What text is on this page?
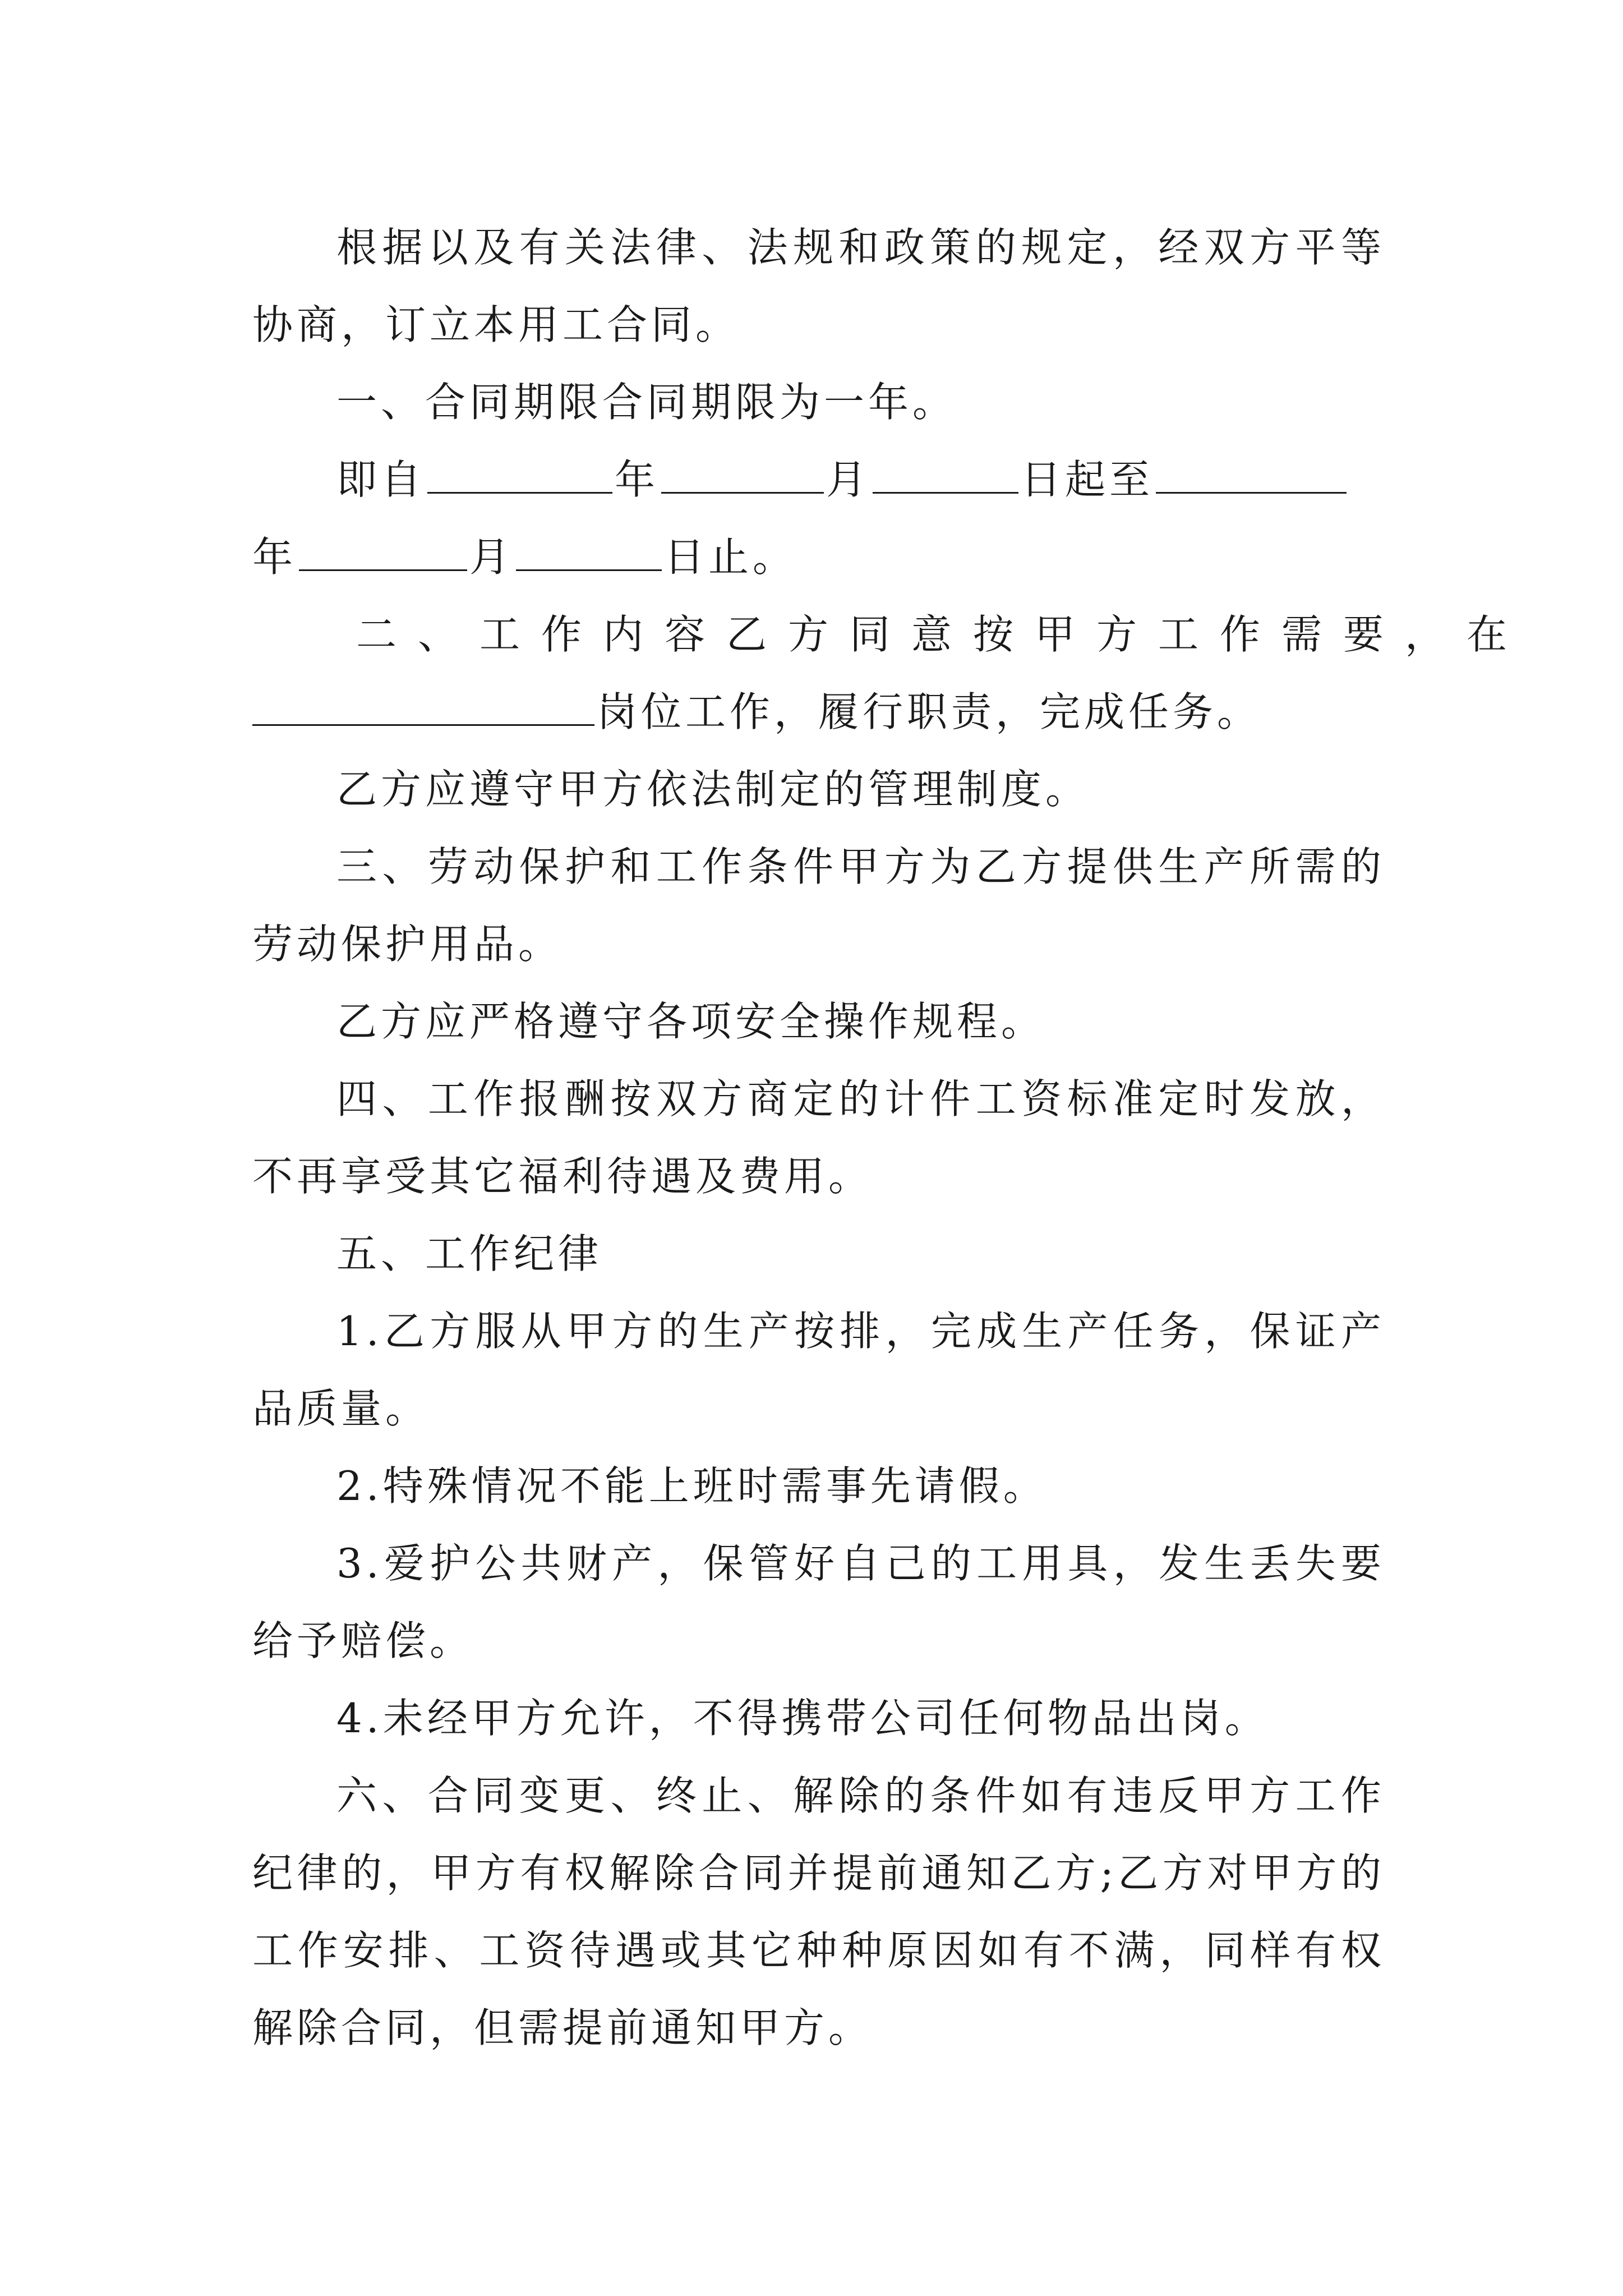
根据以及有关法律、法规和政策的规定，经双方平等协商，订立本用工合同。

一、合同期限合同期限为一年。

即自	年	月	日起至
年	月	日止。

二、工作内容乙方同意按甲方工作需要，在
岗位工作，履行职责，完成任务。

乙方应遵守甲方依法制定的管理制度。

三、劳动保护和工作条件甲方为乙方提供生产所需的劳动保护用品。

乙方应严格遵守各项安全操作规程。

四、工作报酬按双方商定的计件工资标准定时发放，不再享受其它福利待遇及费用。

五、工作纪律

1.乙方服从甲方的生产按排，完成生产任务，保证产品质量。

2.特殊情况不能上班时需事先请假。

3.爱护公共财产，保管好自己的工用具，发生丢失要给予赔偿。

4.未经甲方允许，不得携带公司任何物品出岗。

六、合同变更、终止、解除的条件如有违反甲方工作纪律的，甲方有权解除合同并提前通知乙方;乙方对甲方的工作安排、工资待遇或其它种种原因如有不满，同样有权解除合同，但需提前通知甲方。
